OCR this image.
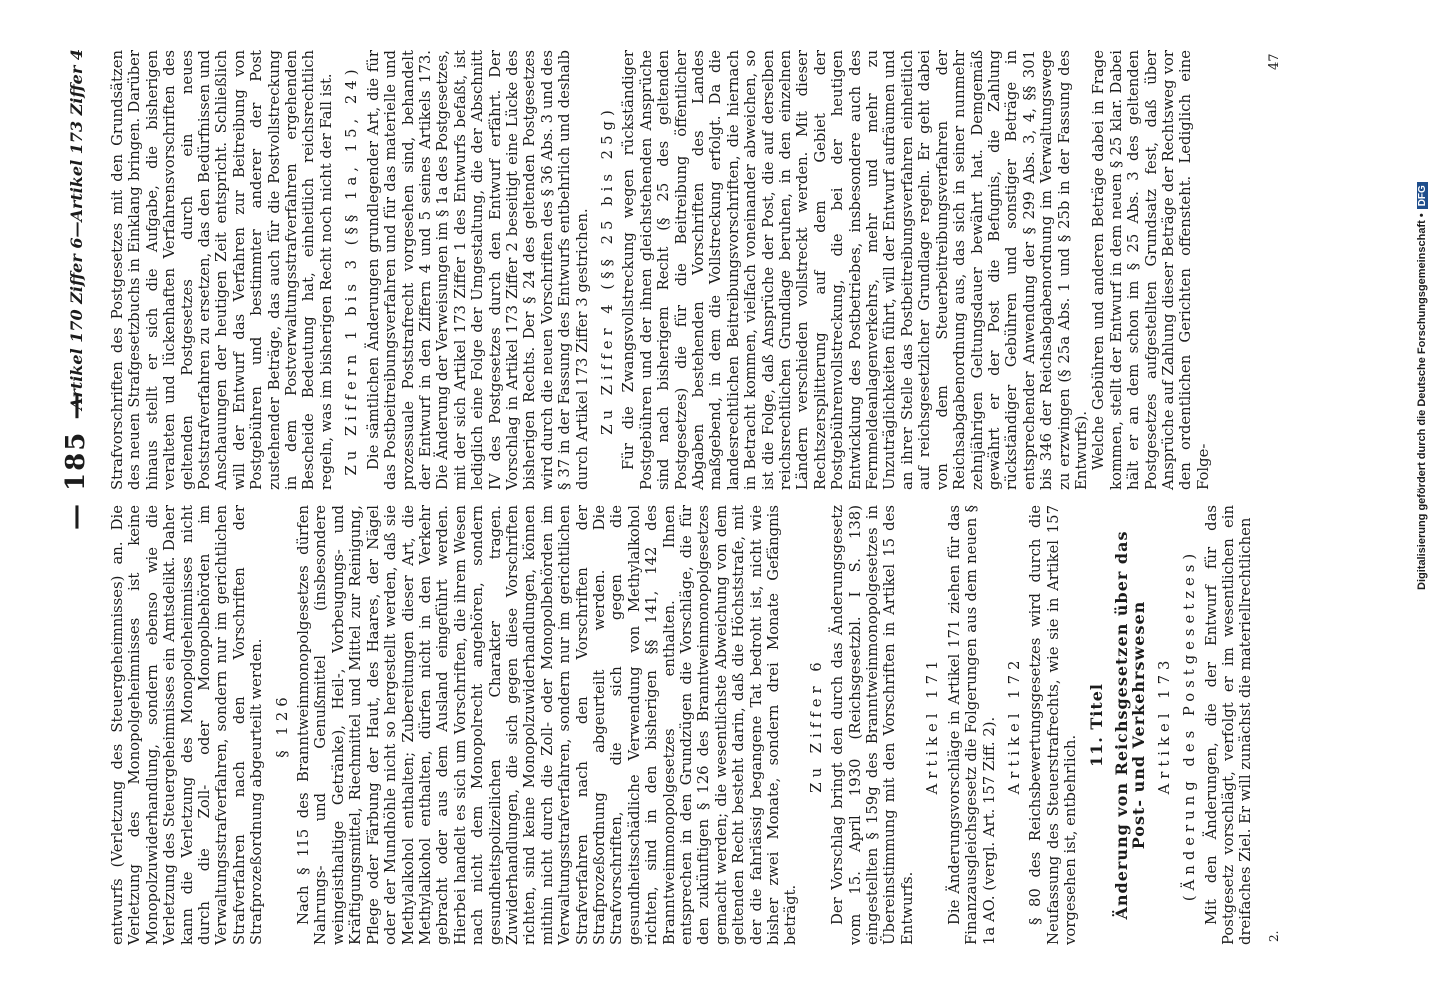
— 185 —
Artikel 170 Ziffer 6—Artikel 173 Ziffer 4

entwurfs (Verletzung des Steuergeheimnisses) an. Die Verletzung des Monopolgeheimnisses ist keine Monopolzuwiderhandlung, sondern ebenso wie die Verletzung des Steuergeheimnisses ein Amtsdelikt. Daher kann die Verletzung des Monopolgeheimnisses nicht durch die Zoll- oder Monopolbehörden im Verwaltungsstrafverfahren, sondern nur im gerichtlichen Strafverfahren nach den Vorschriften der Strafprozeßordnung abgeurteilt werden. § 126 Nach § 115 des Branntweinmonopolgesetzes dürfen Nahrungs- und Genußmittel (insbesondere weingeisthaltige Getränke), Heil-, Vorbeugungs- und Kräftigungsmittel, Riechmittel und Mittel zur Reinigung, Pflege oder Färbung der Haut, des Haares, der Nägel oder der Mundhöhle nicht so hergestellt werden, daß sie Methylalkohol enthalten; Zubereitungen dieser Art, die Methylalkohol enthalten, dürfen nicht in den Verkehr gebracht oder aus dem Ausland eingeführt werden. Hierbei handelt es sich um Vorschriften, die ihrem Wesen nach nicht dem Monopolrecht angehören, sondern gesundheitspolizeilichen Charakter tragen. Zuwiderhandlungen, die sich gegen diese Vorschriften richten, sind keine Monopolzuwiderhandlungen, können mithin nicht durch die Zoll- oder Monopolbehörden im Verwaltungsstrafverfahren, sondern nur im gerichtlichen Strafverfahren nach den Vorschriften der Strafprozeßordnung abgeurteilt werden. Die Strafvorschriften, die sich gegen die gesundheitsschädliche Verwendung von Methylalkohol richten, sind in den bisherigen §§ 141, 142 des Branntweinmonopolgesetzes enthalten. Ihnen entsprechen in den Grundzügen die Vorschläge, die für den zukünftigen § 126 des Branntweinmonopolgesetzes gemacht werden; die wesentlichste Abweichung von dem geltenden Recht besteht darin, daß die Höchststrafe, mit der die fahrlässig begangene Tat bedroht ist, nicht wie bisher zwei Monate, sondern drei Monate Gefängnis beträgt.

Zu Ziffer 6 Der Vorschlag bringt den durch das Änderungsgesetz vom 15. April 1930 (Reichsgesetzbl. I S. 138) eingestellten § 159g des Branntweinmonopolgesetzes in Übereinstimmung mit den Vorschriften in Artikel 15 des Entwurfs.

Artikel 171 Die Änderungsvorschläge in Artikel 171 ziehen für das Finanzausgleichsgesetz die Folgerungen aus dem neuen § 1a AO. (vergl. Art. 157 Ziff. 2). Artikel 172 § 80 des Reichsbewertungsgesetzes wird durch die Neufassung des Steuerstrafrechts, wie sie in Artikel 157 vorgesehen ist, entbehrlich.

11. Titel Änderung von Reichsgesetzen über das Post- und Verkehrswesen Artikel 173 (Änderung des Postgesetzes) Mit den Änderungen, die der Entwurf für das Postgesetz vorschlägt, verfolgt er im wesentlichen ein dreifaches Ziel. Er will zunächst die materiellrechtlichen

Strafvorschriften des Postgesetzes mit den Grundsätzen des neuen Strafgesetzbuchs in Einklang bringen. Darüber hinaus stellt er sich die Aufgabe, die bisherigen veralteten und lückenhaften Verfahrensvorschriften des geltenden Postgesetzes durch ein neues Poststrafverfahren zu ersetzen, das den Bedürfnissen und Anschauungen der heutigen Zeit entspricht. Schließlich will der Entwurf das Verfahren zur Beitreibung von Postgebühren und bestimmter anderer der Post zustehender Beträge, das auch für die Postvollstreckung in dem Postverwaltungsstrafverfahren ergehenden Bescheide Bedeutung hat, einheitlich reichsrechtlich regeln, was im bisherigen Recht noch nicht der Fall ist. Zu Ziffern 1 bis 3 (§§ 1a, 15, 24) Die sämtlichen Änderungen grundlegender Art, die für das Postbeitreibungsverfahren und für das materielle und prozessuale Poststrafrecht vorgesehen sind, behandelt der Entwurf in den Ziffern 4 und 5 seines Artikels 173. Die Änderung der Verweisungen im § 1a des Postgesetzes, mit der sich Artikel 173 Ziffer 1 des Entwurfs befaßt, ist lediglich eine Folge der Umgestaltung, die der Abschnitt IV des Postgesetzes durch den Entwurf erfährt. Der Vorschlag in Artikel 173 Ziffer 2 beseitigt eine Lücke des bisherigen Rechts. Der § 24 des geltenden Postgesetzes wird durch die neuen Vorschriften des § 36 Abs. 3 und des § 37 in der Fassung des Entwurfs entbehrlich und deshalb durch Artikel 173 Ziffer 3 gestrichen. Zu Ziffer 4 (§§ 25 bis 25g) Für die Zwangsvollstreckung wegen rückständiger Postgebühren und der ihnen gleichstehenden Ansprüche sind nach bisherigem Recht (§ 25 des geltenden Postgesetzes) die für die Beitreibung öffentlicher Abgaben bestehenden Vorschriften des Landes maßgebend, in dem die Vollstreckung erfolgt. Da die landesrechtlichen Beitreibungsvorschriften, die hiernach in Betracht kommen, vielfach voneinander abweichen, so ist die Folge, daß Ansprüche der Post, die auf derselben reichsrechtlichen Grundlage beruhen, in den einzelnen Ländern verschieden vollstreckt werden. Mit dieser Rechtszersplitterung auf dem Gebiet der Postgebührenvollstreckung, die bei der heutigen Entwicklung des Postbetriebes, insbesondere auch des Fernmeldeanlagenverkehrs, mehr und mehr zu Unzuträglichkeiten führt, will der Entwurf aufräumen und an ihrer Stelle das Postbeitreibungsverfahren einheitlich auf reichsgesetzlicher Grundlage regeln. Er geht dabei von dem Steuerbeitreibungsverfahren der Reichsabgabenordnung aus, das sich in seiner nunmehr zehnjährigen Geltungsdauer bewährt hat. Demgemäß gewährt er der Post die Befugnis, die Zahlung rückständiger Gebühren und sonstiger Beträge in entsprechender Anwendung der § 299 Abs. 3, 4, §§ 301 bis 346 der Reichsabgabenordnung im Verwaltungswege zu erzwingen (§ 25a Abs. 1 und § 25b in der Fassung des Entwurfs). Welche Gebühren und anderen Beträge dabei in Frage kommen, stellt der Entwurf in dem neuen § 25 klar. Dabei hält er an dem schon im § 25 Abs. 3 des geltenden Postgesetzes aufgestellten Grundsatz fest, daß über Ansprüche auf Zahlung dieser Beträge der Rechtsweg vor den ordentlichen Gerichten offensteht. Lediglich eine Folge-

2.
47
Digitalisierung gefördert durch die Deutsche Forschungsgemeinschaft •DFG
